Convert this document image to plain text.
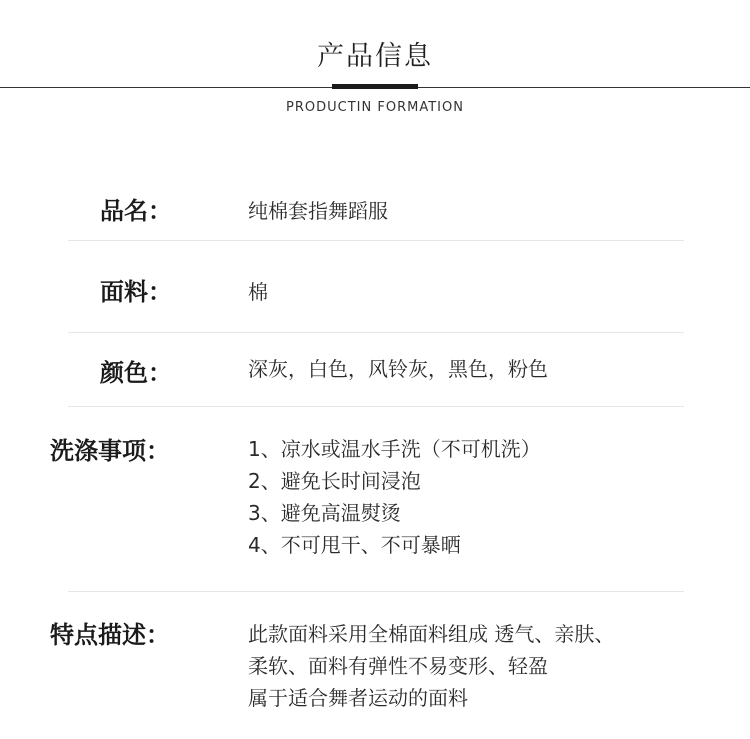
产品信息
PRODUCTIN FORMATION
品名：	纯棉套指舞蹈服
面料：	棉
颜色：	深灰，白色，风铃灰，黑色，粉色
洗涤事项：	1、凉水或温水手洗（不可机洗）
2、避免长时间浸泡
3、避免高温熨烫
4、不可甩干、不可暴晒
特点描述：	此款面料采用全棉面料组成 透气、亲肤、
柔软、面料有弹性不易变形、轻盈
属于适合舞者运动的面料
